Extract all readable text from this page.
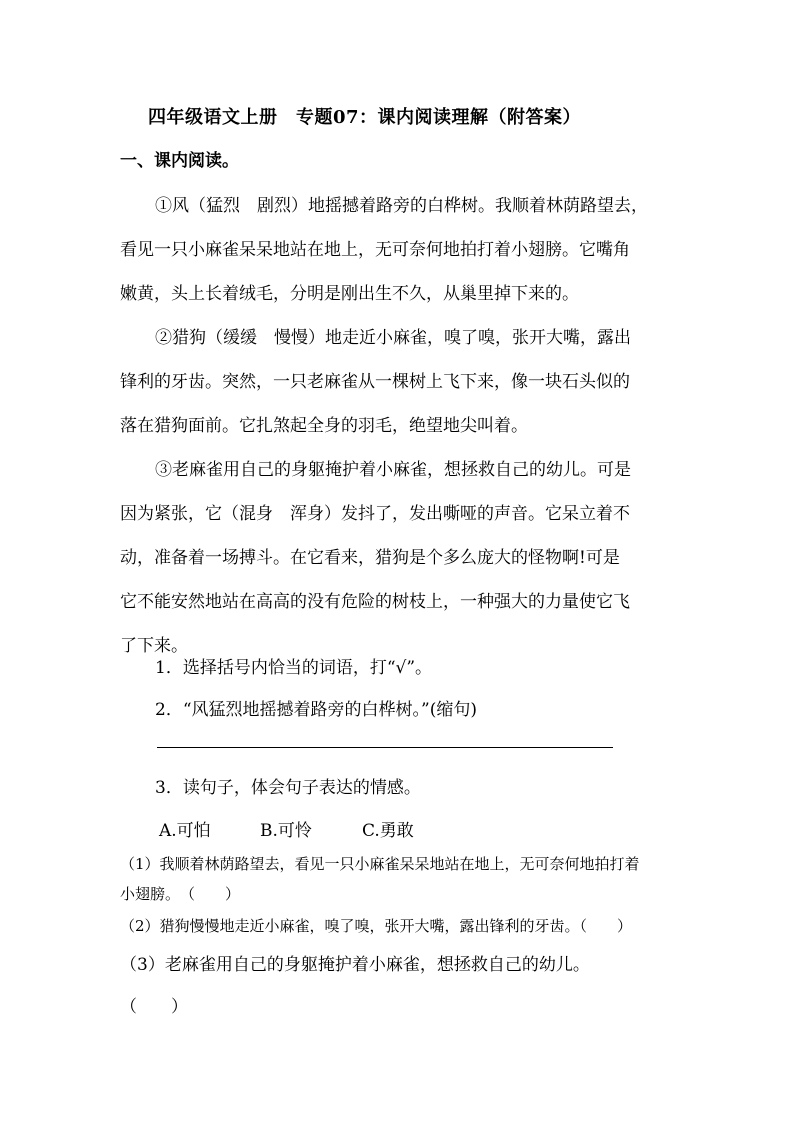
四年级语文上册　专题07：课内阅读理解（附答案）
一、课内阅读。
①风（猛烈　剧烈）地摇撼着路旁的白桦树。我顺着林荫路望去，
看见一只小麻雀呆呆地站在地上，无可奈何地拍打着小翅膀。它嘴角
嫩黄，头上长着绒毛，分明是刚出生不久，从巢里掉下来的。
②猎狗（缓缓　慢慢）地走近小麻雀，嗅了嗅，张开大嘴，露出
锋利的牙齿。突然，一只老麻雀从一棵树上飞下来，像一块石头似的
落在猎狗面前。它扎煞起全身的羽毛，绝望地尖叫着。
③老麻雀用自己的身躯掩护着小麻雀，想拯救自己的幼儿。可是
因为紧张，它（混身　浑身）发抖了，发出嘶哑的声音。它呆立着不
动，准备着一场搏斗。在它看来，猎狗是个多么庞大的怪物啊!可是
它不能安然地站在高高的没有危险的树枝上，一种强大的力量使它飞
了下来。
1．选择括号内恰当的词语，打“√”。
2．“风猛烈地摇撼着路旁的白桦树。”(缩句)
3．读句子，体会句子表达的情感。
A.可怕	B.可怜	C.勇敢
（1）我顺着林荫路望去，看见一只小麻雀呆呆地站在地上，无可奈何地拍打着
小翅膀。　（　　）
（2）猎狗慢慢地走近小麻雀，嗅了嗅，张开大嘴，露出锋利的牙齿。（　　）
（3）老麻雀用自己的身躯掩护着小麻雀，想拯救自己的幼儿。
（　　）
